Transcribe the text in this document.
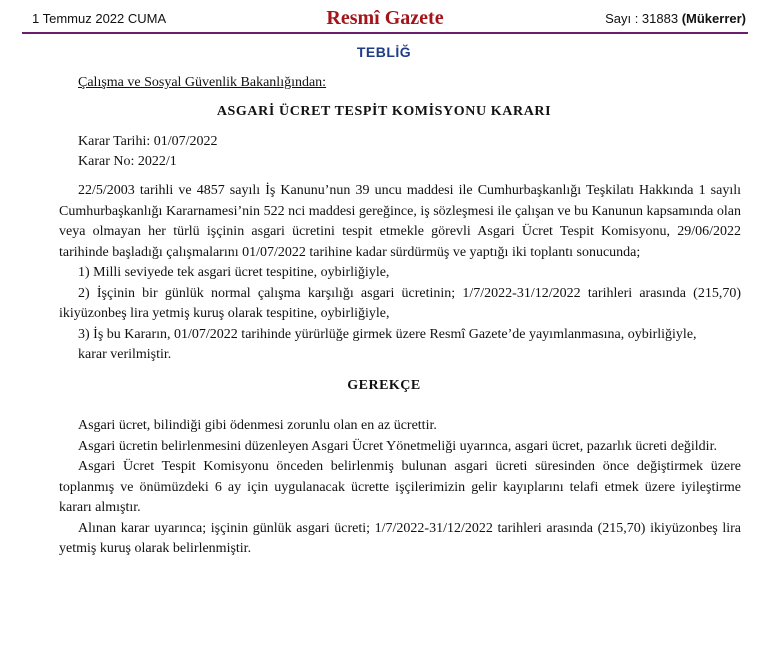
1 Temmuz 2022 CUMA	Resmî Gazete	Sayı : 31883 (Mükerrer)
TEBLİĞ
Çalışma ve Sosyal Güvenlik Bakanlığından:
ASGARİ ÜCRET TESPİT KOMİSYONU KARARI
Karar Tarihi: 01/07/2022
Karar No: 2022/1

22/5/2003 tarihli ve 4857 sayılı İş Kanunu’nun 39 uncu maddesi ile Cumhurbaşkanlığı Teşkilatı Hakkında 1 sayılı Cumhurbaşkanlığı Kararnamesi’nin 522 nci maddesi gereğince, iş sözleşmesi ile çalışan ve bu Kanunun kapsamında olan veya olmayan her türlü işçinin asgari ücretini tespit etmekle görevli Asgari Ücret Tespit Komisyonu, 29/06/2022 tarihinde başladığı çalışmalarını 01/07/2022 tarihine kadar sürdürmüş ve yaptığı iki toplantı sonucunda;

1) Milli seviyede tek asgari ücret tespitine, oybirliğiyle,

2) İşçinin bir günlük normal çalışma karşılığı asgari ücretinin; 1/7/2022-31/12/2022 tarihleri arasında (215,70) ikiyüzonbeş lira yetmiş kuruş olarak tespitine, oybirliğiyle,

3) İş bu Kararın, 01/07/2022 tarihinde yürürlüğe girmek üzere Resmî Gazete’de yayımlanmasına, oybirliğiyle,

karar verilmiştir.

GEREKÇE

Asgari ücret, bilindiği gibi ödenmesi zorunlu olan en az ücrettir.

Asgari ücretin belirlenmesini düzenleyen Asgari Ücret Yönetmeliği uyarınca, asgari ücret, pazarlık ücreti değildir.

Asgari Ücret Tespit Komisyonu önceden belirlenmiş bulunan asgari ücreti süresinden önce değiştirmek üzere toplanmış ve önümüzdeki 6 ay için uygulanacak ücrette işçilerimizin gelir kayıplarını telafi etmek üzere iyileştirme kararı almıştır.

Alınan karar uyarınca; işçinin günlük asgari ücreti; 1/7/2022-31/12/2022 tarihleri arasında (215,70) ikiyüzonbeş lira yetmiş kuruş olarak belirlenmiştir.
